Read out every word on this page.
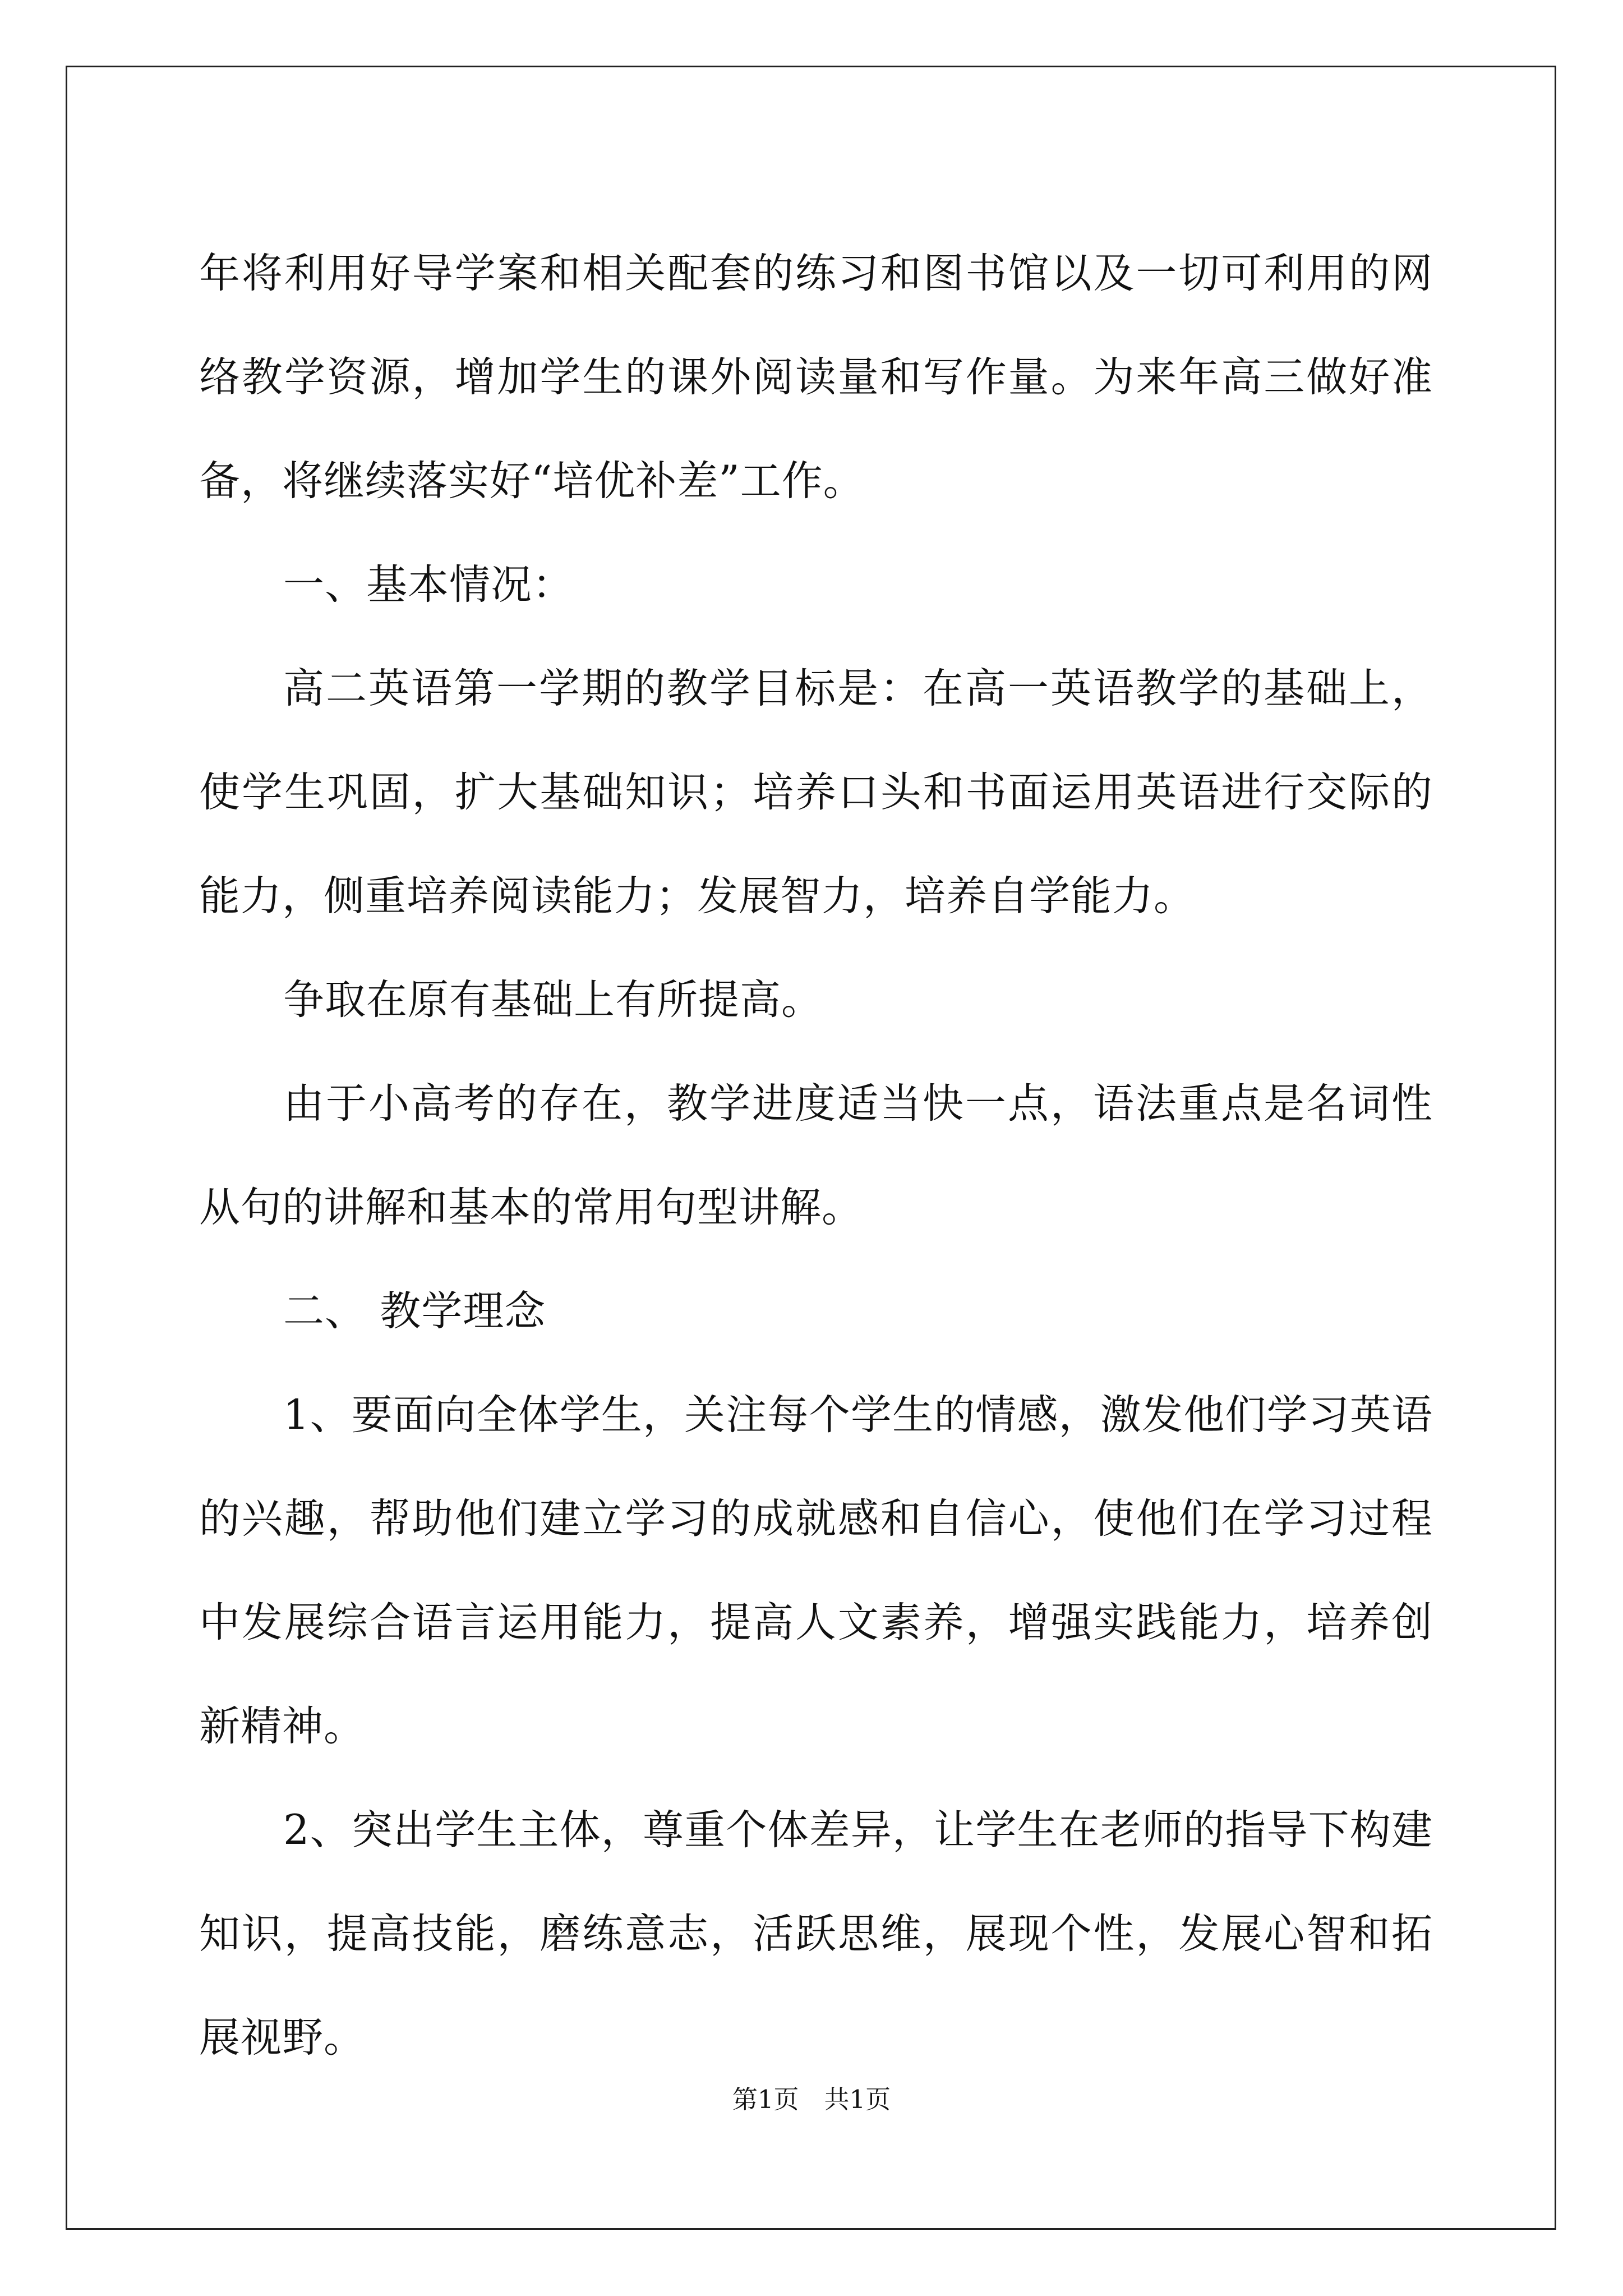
年将利用好导学案和相关配套的练习和图书馆以及一切可利用的网络教学资源，增加学生的课外阅读量和写作量。为来年高三做好准备，将继续落实好“培优补差”工作。

一、基本情况：

高二英语第一学期的教学目标是：在高一英语教学的基础上，使学生巩固，扩大基础知识；培养口头和书面运用英语进行交际的能力，侧重培养阅读能力；发展智力，培养自学能力。

争取在原有基础上有所提高。

由于小高考的存在，教学进度适当快一点，语法重点是名词性从句的讲解和基本的常用句型讲解。

二、 教学理念

1、要面向全体学生，关注每个学生的情感，激发他们学习英语的兴趣，帮助他们建立学习的成就感和自信心，使他们在学习过程中发展综合语言运用能力，提高人文素养，增强实践能力，培养创新精神。

2、突出学生主体，尊重个体差异，让学生在老师的指导下构建知识，提高技能，磨练意志，活跃思维，展现个性，发展心智和拓展视野。

第1页　共1页
